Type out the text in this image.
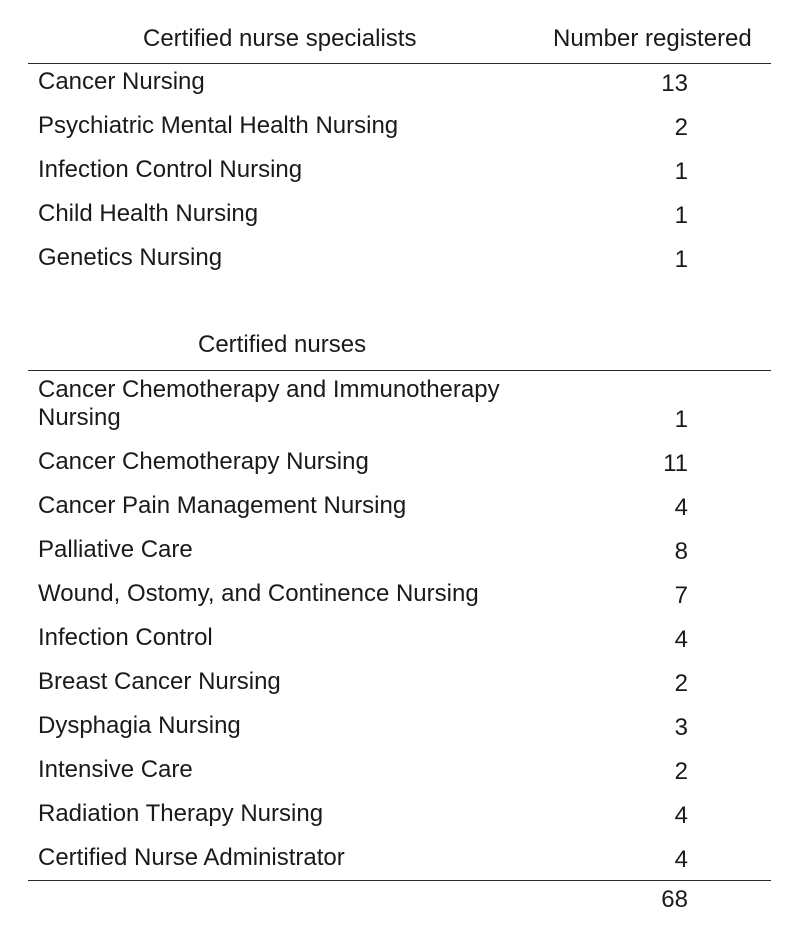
Certified nurse specialists	Number registered
Cancer Nursing	13
Psychiatric Mental Health Nursing	2
Infection Control Nursing	1
Child Health Nursing	1
Genetics Nursing	1
Certified nurses
Cancer Chemotherapy and Immunotherapy Nursing	1
Cancer Chemotherapy Nursing	11
Cancer Pain Management Nursing	4
Palliative Care	8
Wound, Ostomy, and Continence Nursing	7
Infection Control	4
Breast Cancer Nursing	2
Dysphagia Nursing	3
Intensive Care	2
Radiation Therapy Nursing	4
Certified Nurse Administrator	4
68
